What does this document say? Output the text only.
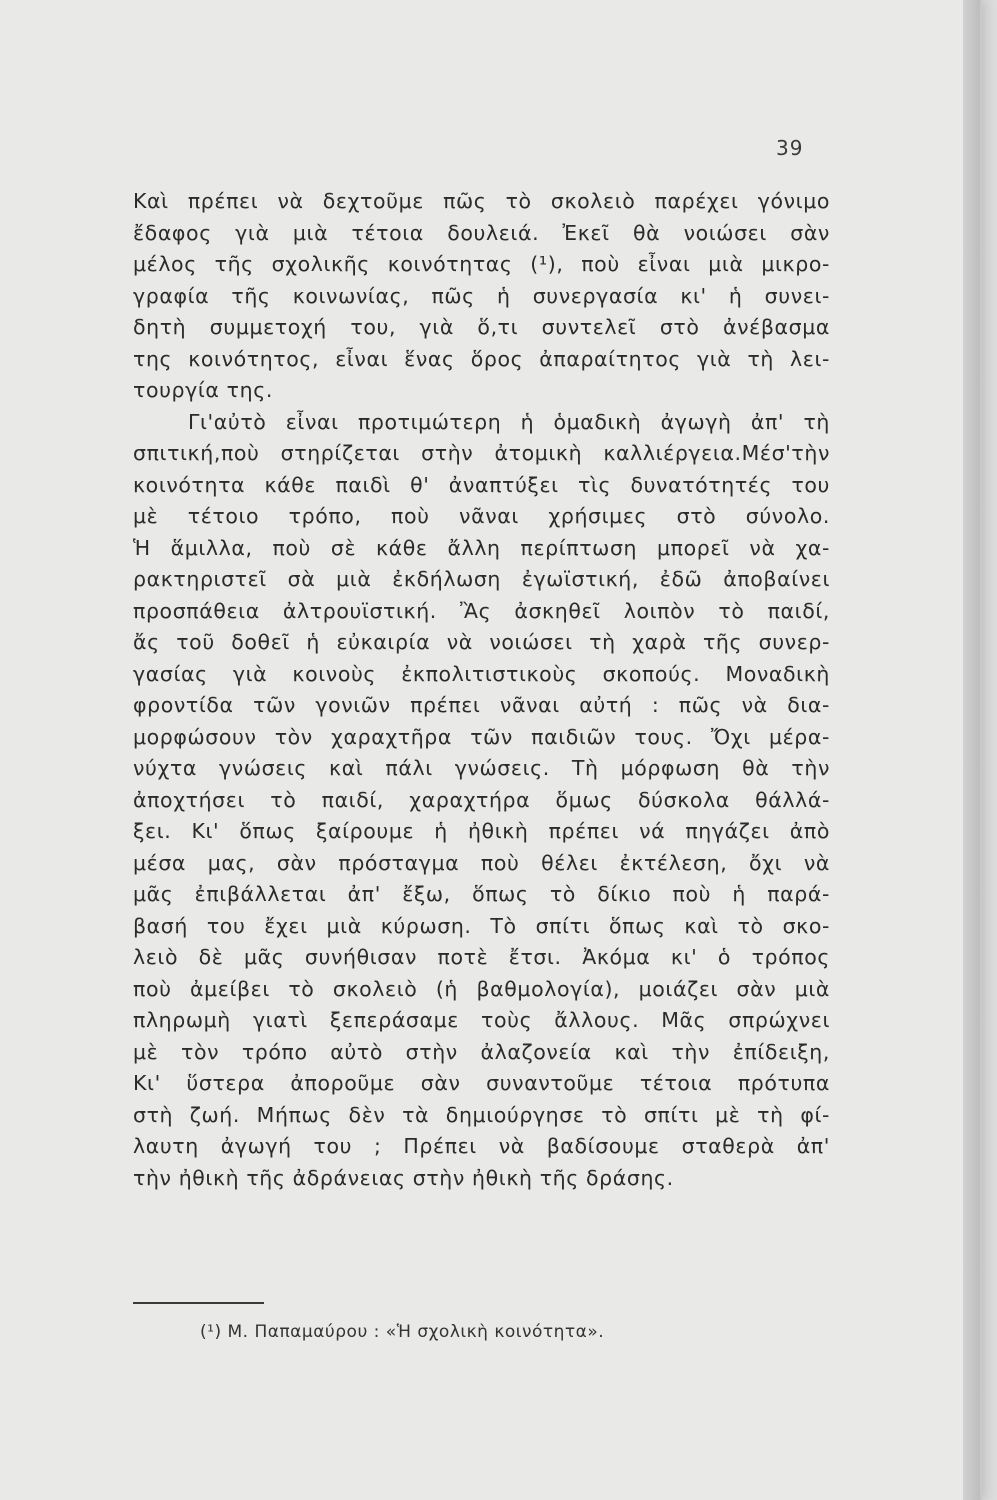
39
Καὶ πρέπει νὰ δεχτοῦμε πῶς τὸ σκολειὸ παρέχει γόνιμο
ἔδαφος γιὰ μιὰ τέτοια δουλειά. Ἐκεῖ θὰ νοιώσει σὰν
μέλος τῆς σχολικῆς κοινότητας (¹), ποὺ εἶναι μιὰ μικρο-
γραφία τῆς κοινωνίας, πῶς ἡ συνεργασία κι' ἡ συνει-
δητὴ συμμετοχή του, γιὰ ὅ,τι συντελεῖ στὸ ἀνέβασμα
της κοινότητος, εἶναι ἕνας ὅρος ἀπαραίτητος γιὰ τὴ λει-
τουργία της.
Γι'αὐτὸ εἶναι προτιμώτερη ἡ ὁμαδικὴ ἀγωγὴ ἀπ' τὴ
σπιτική,ποὺ στηρίζεται στὴν ἀτομικὴ καλλιέργεια.Μέσ'τὴν
κοινότητα κάθε παιδὶ θ' ἀναπτύξει τὶς δυνατότητές του
μὲ τέτοιο τρόπο, ποὺ νᾶναι χρήσιμες στὸ σύνολο.
Ἡ ἅμιλλα, ποὺ σὲ κάθε ἄλλη περίπτωση μπορεῖ νὰ χα-
ρακτηριστεῖ σὰ μιὰ ἐκδήλωση ἐγωϊστική, ἐδῶ ἀποβαίνει
προσπάθεια ἀλτρουϊστική. Ἂς ἀσκηθεῖ λοιπὸν τὸ παιδί,
ἄς τοῦ δοθεῖ ἡ εὐκαιρία νὰ νοιώσει τὴ χαρὰ τῆς συνερ-
γασίας γιὰ κοινοὺς ἐκπολιτιστικοὺς σκοπούς. Μοναδικὴ
φροντίδα τῶν γονιῶν πρέπει νᾶναι αὐτή : πῶς νὰ δια-
μορφώσουν τὸν χαραχτῆρα τῶν παιδιῶν τους. Ὄχι μέρα-
νύχτα γνώσεις καὶ πάλι γνώσεις. Τὴ μόρφωση θὰ τὴν
ἀποχτήσει τὸ παιδί, χαραχτήρα ὅμως δύσκολα θάλλά-
ξει. Κι' ὅπως ξαίρουμε ἡ ἠθικὴ πρέπει νά πηγάζει ἀπὸ
μέσα μας, σὰν πρόσταγμα ποὺ θέλει ἐκτέλεση, ὄχι νὰ
μᾶς ἐπιβάλλεται ἀπ' ἔξω, ὅπως τὸ δίκιο ποὺ ἡ παρά-
βασή του ἔχει μιὰ κύρωση. Τὸ σπίτι ὅπως καὶ τὸ σκο-
λειὸ δὲ μᾶς συνήθισαν ποτὲ ἔτσι. Ἀκόμα κι' ὁ τρόπος
ποὺ ἀμείβει τὸ σκολειὸ (ἡ βαθμολογία), μοιάζει σὰν μιὰ
πληρωμὴ γιατὶ ξεπεράσαμε τοὺς ἄλλους. Μᾶς σπρώχνει
μὲ τὸν τρόπο αὐτὸ στὴν ἀλαζονεία καὶ τὴν ἐπίδειξη,
Κι' ὕστερα ἀποροῦμε σὰν συναντοῦμε τέτοια πρότυπα
στὴ ζωή. Μήπως δὲν τὰ δημιούργησε τὸ σπίτι μὲ τὴ φί-
λαυτη ἀγωγή του ; Πρέπει νὰ βαδίσουμε σταθερὰ ἀπ'
τὴν ἠθικὴ τῆς ἀδράνειας στὴν ἠθικὴ τῆς δράσης.
(¹) Μ. Παπαμαύρου : «Ἡ σχολικὴ κοινότητα».
